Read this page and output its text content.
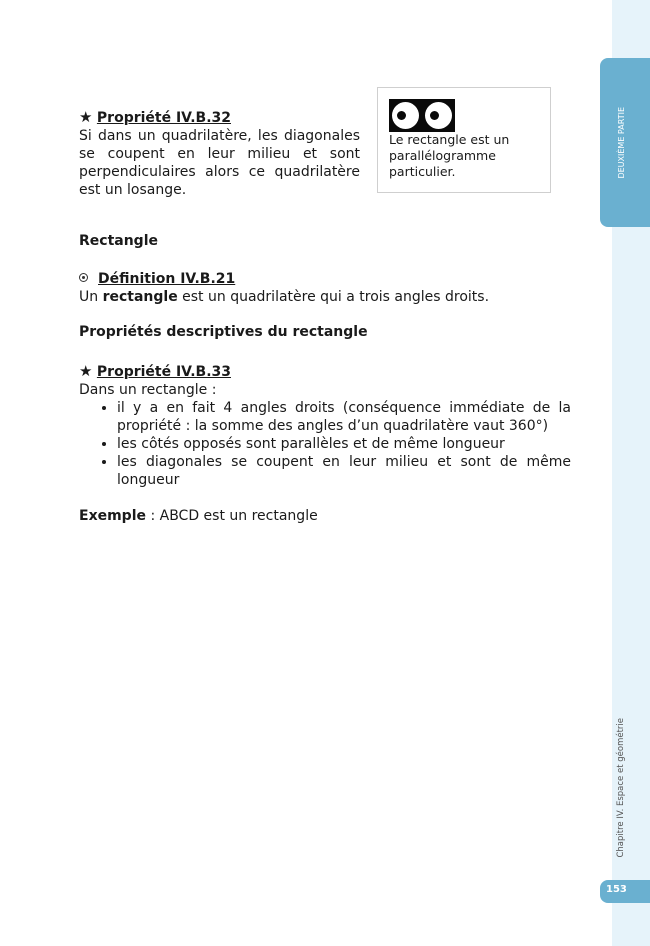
DEUXIÈME PARTIE
Chapitre IV. Espace et géométrie
153
★ Propriété IV.B.32

Si dans un quadrilatère, les diagonales se coupent en leur milieu et sont perpendiculaires alors ce quadrilatère est un losange.

Le rectangle est un parallélogramme particulier.
Rectangle
Définition IV.B.21
Un rectangle est un quadrilatère qui a trois angles droits.
Propriétés descriptives du rectangle
★ Propriété IV.B.33
Dans un rectangle :
• il y a en fait 4 angles droits (conséquence immédiate de la propriété : la somme des angles d’un quadrilatère vaut 360°)
• les côtés opposés sont parallèles et de même longueur
• les diagonales se coupent en leur milieu et sont de même longueur
Exemple : ABCD est un rectangle
